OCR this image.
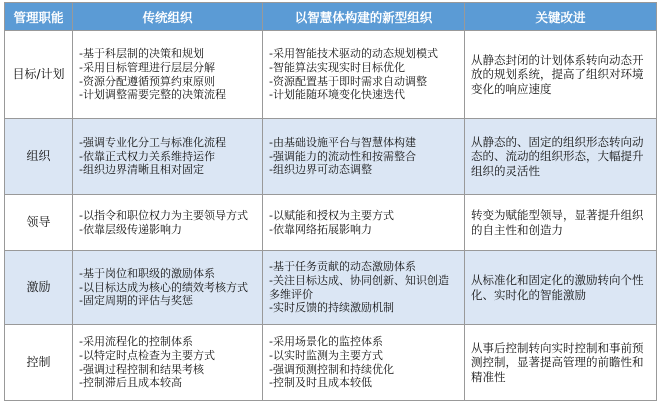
管理职能	传统组织	以智慧体构建的新型组织	关键改进
目标/计划	-基于科层制的决策和规划
-采用目标管理进行层层分解
-资源分配遵循预算约束原则
-计划调整需要完整的决策流程	-采用智能技术驱动的动态规划模式
-智能算法实现实时目标优化
-资源配置基于即时需求自动调整
-计划能随环境变化快速迭代	从静态封闭的计划体系转向动态开放的规划系统，提高了组织对环境变化的响应速度
组织	-强调专业化分工与标准化流程
-依靠正式权力关系维持运作
-组织边界清晰且相对固定	-由基础设施平台与智慧体构建
-强调能力的流动性和按需整合
-组织边界可动态调整	从静态的、固定的组织形态转向动态的、流动的组织形态，大幅提升组织的灵活性
领导	-以指令和职位权力为主要领导方式
-依靠层级传递影响力	-以赋能和授权为主要方式
-依靠网络拓展影响力	转变为赋能型领导，显著提升组织的自主性和创造力
激励	-基于岗位和职级的激励体系
-以目标达成为核心的绩效考核方式
-固定周期的评估与奖惩	-基于任务贡献的动态激励体系
-关注目标达成、协同创新、知识创造多维评价
-实时反馈的持续激励机制	从标准化和固定化的激励转向个性化、实时化的智能激励
控制	-采用流程化的控制体系
-以特定时点检查为主要方式
-强调过程控制和结果考核
-控制滞后且成本较高	-采用场景化的监控体系
-以实时监测为主要方式
-强调预测控制和持续优化
-控制及时且成本较低	从事后控制转向实时控制和事前预测控制，显著提高管理的前瞻性和精准性
